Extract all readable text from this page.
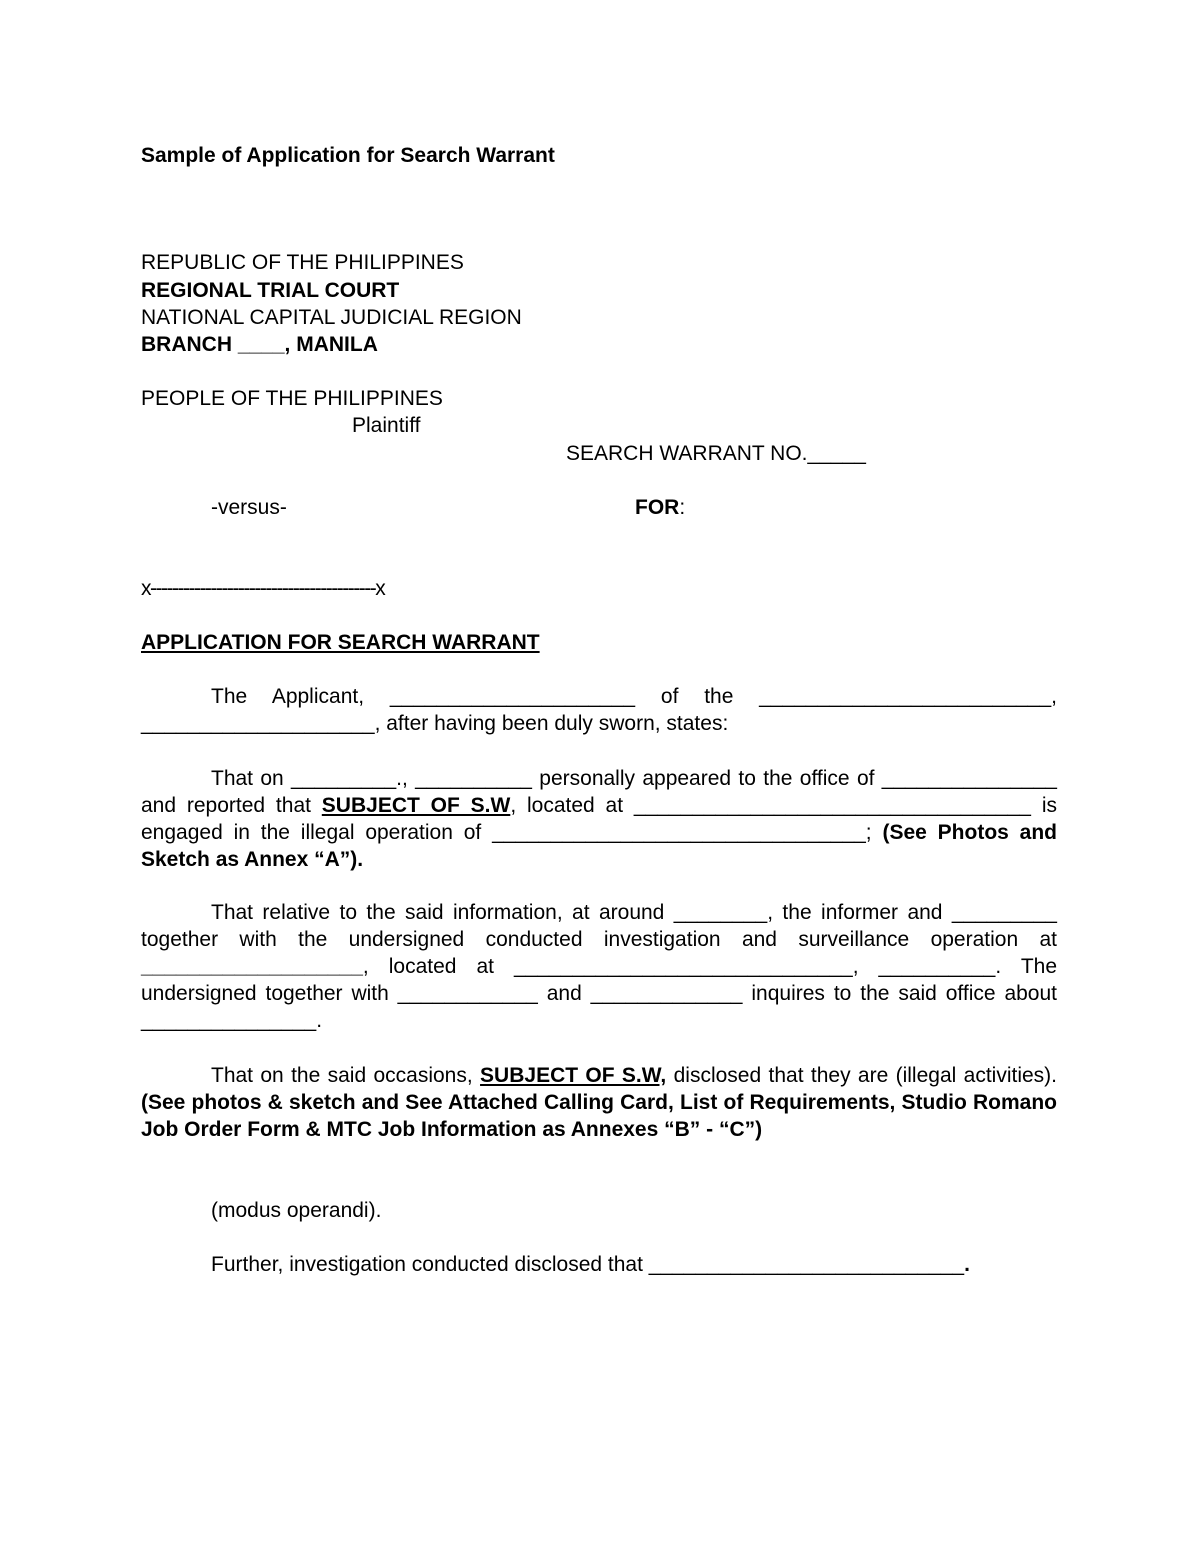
Sample of Application for Search Warrant
REPUBLIC OF THE PHILIPPINES
REGIONAL TRIAL COURT
NATIONAL CAPITAL JUDICIAL REGION
BRANCH ____, MANILA
PEOPLE OF THE PHILIPPINES
Plaintiff
SEARCH WARRANT NO._____
-versus-	FOR:
x-----------------------------------------x
APPLICATION FOR SEARCH WARRANT
The Applicant, _____________________ of the _________________________, ____________________, after having been duly sworn, states:
That on _________., __________ personally appeared to the office of _______________ and reported that SUBJECT OF S.W, located at __________________________________ is engaged in the illegal operation of ________________________________; (See Photos and Sketch as Annex “A”).
That relative to the said information, at around ________, the informer and _________ together with the undersigned conducted investigation and surveillance operation at ___________________, located at _____________________________, __________. The undersigned together with ____________ and _____________ inquires to the said office about _______________.
That on the said occasions, SUBJECT OF S.W, disclosed that they are (illegal activities). (See photos & sketch and See Attached Calling Card, List of Requirements, Studio Romano Job Order Form & MTC Job Information as Annexes “B” - “C”)
(modus operandi).
Further, investigation conducted disclosed that ___________________________.
